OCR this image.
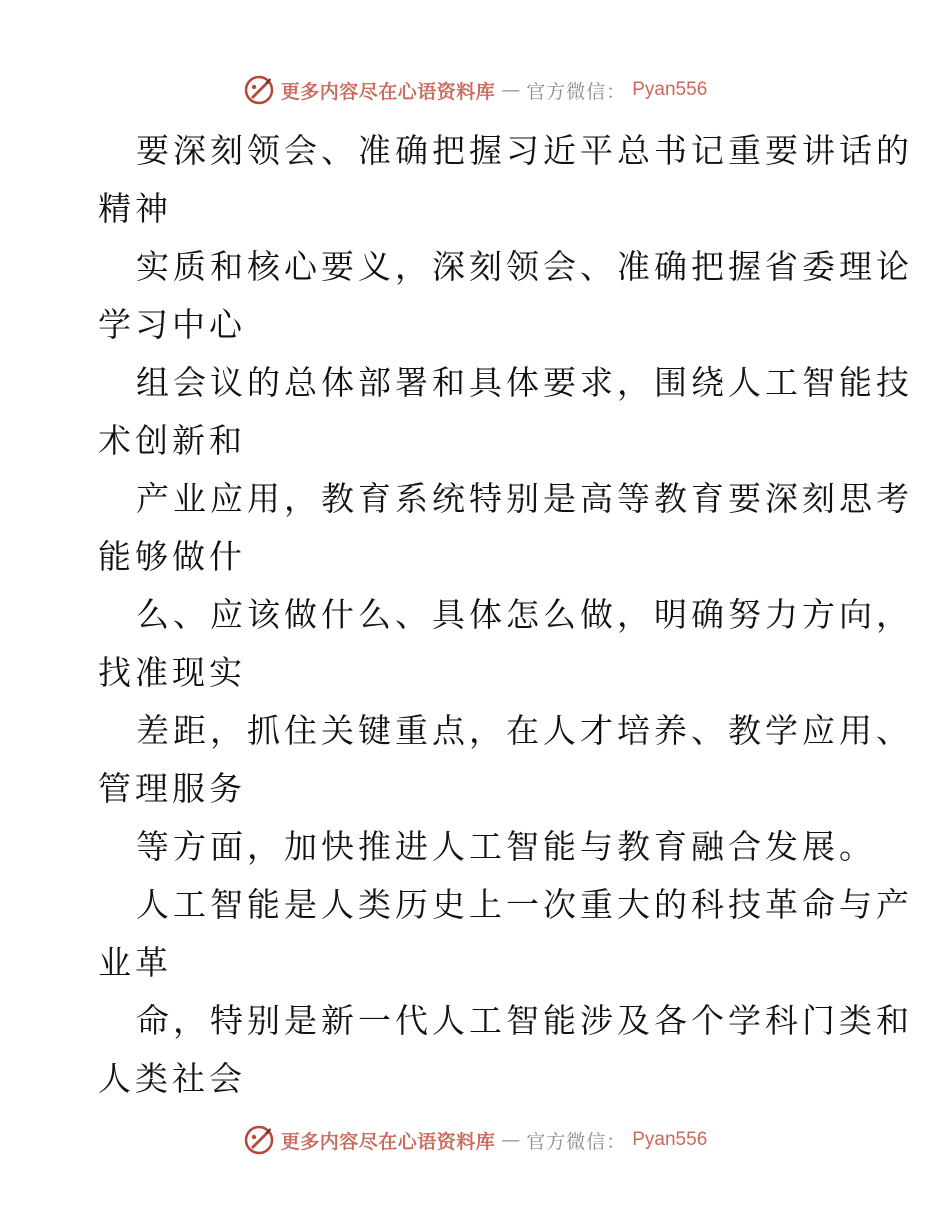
更多内容尽在心语资料库 — 官方微信： Pyan556
要深刻领会、准确把握习近平总书记重要讲话的
精神
实质和核心要义，深刻领会、准确把握省委理论
学习中心
组会议的总体部署和具体要求，围绕人工智能技
术创新和
产业应用，教育系统特别是高等教育要深刻思考
能够做什
么、应该做什么、具体怎么做，明确努力方向，
找准现实
差距，抓住关键重点，在人才培养、教学应用、
管理服务
等方面，加快推进人工智能与教育融合发展。
人工智能是人类历史上一次重大的科技革命与产
业革
命，特别是新一代人工智能涉及各个学科门类和
人类社会
更多内容尽在心语资料库 — 官方微信： Pyan556
